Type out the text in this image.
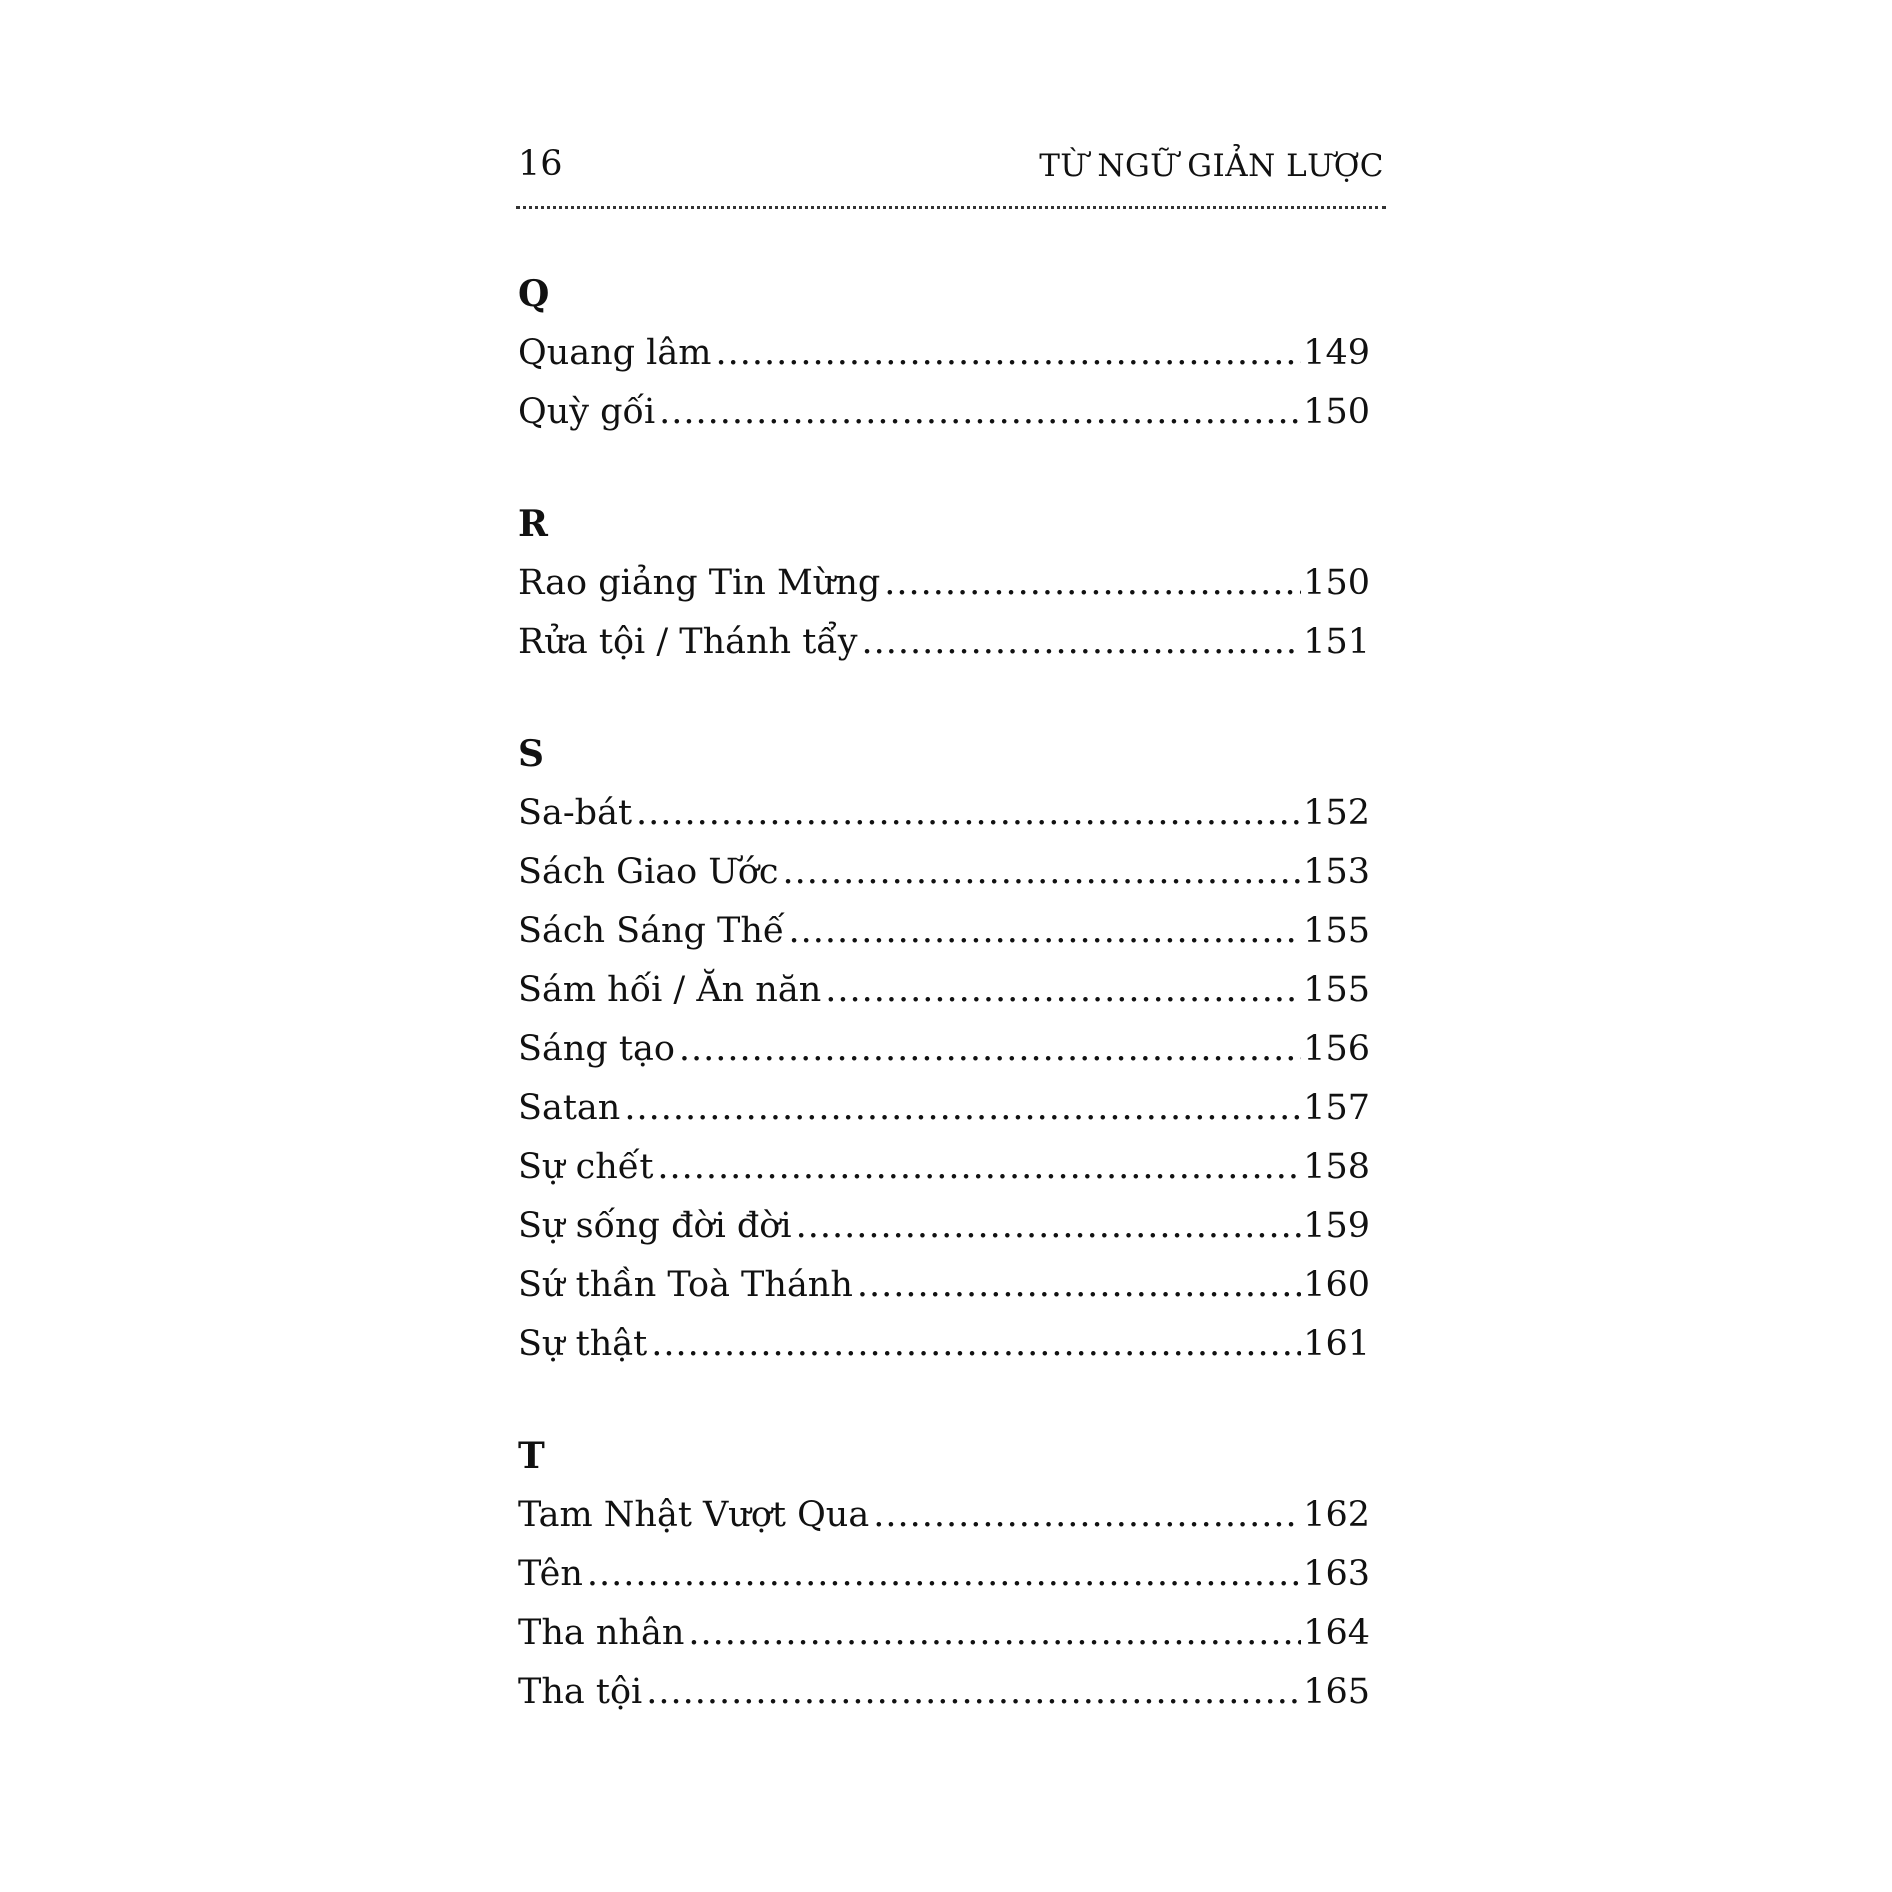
16	TỪ NGỮ GIẢN LƯỢC
Q
Quang lâm .....	149
Quỳ gối .....	150
R
Rao giảng Tin Mừng .....	150
Rửa tội / Thánh tẩy .....	151
S
Sa-bát .....	152
Sách Giao Ước .....	153
Sách Sáng Thế .....	155
Sám hối / Ăn năn .....	155
Sáng tạo .....	156
Satan .....	157
Sự chết .....	158
Sự sống đời đời .....	159
Sứ thần Toà Thánh .....	160
Sự thật .....	161
T
Tam Nhật Vượt Qua .....	162
Tên .....	163
Tha nhân .....	164
Tha tội .....	165
